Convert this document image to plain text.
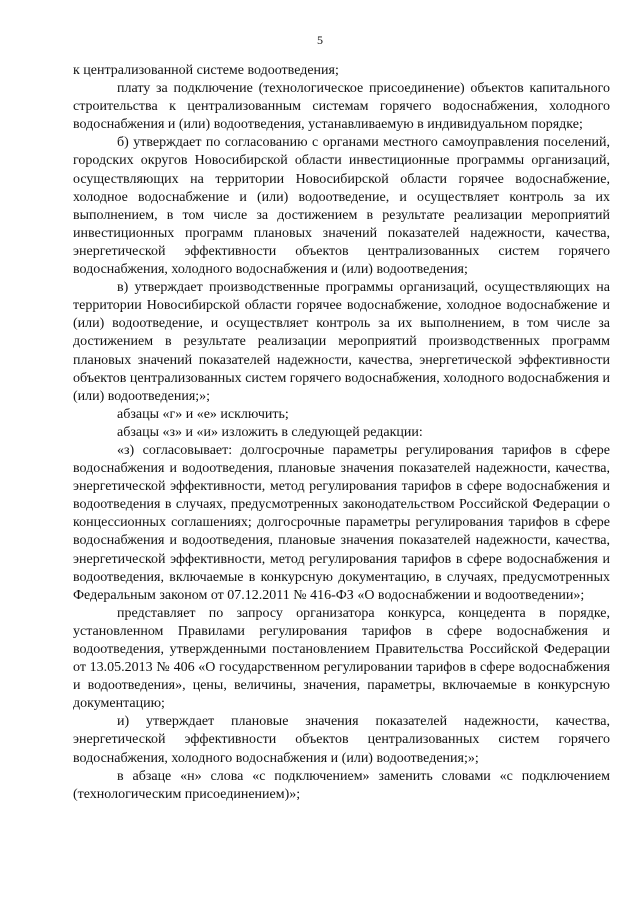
5

к централизованной системе водоотведения;

плату за подключение (технологическое присоединение) объектов капитального строительства к централизованным системам горячего водоснабжения, холодного водоснабжения и (или) водоотведения, устанавливаемую в индивидуальном порядке;

б) утверждает по согласованию с органами местного самоуправления поселений, городских округов Новосибирской области инвестиционные программы организаций, осуществляющих на территории Новосибирской области горячее водоснабжение, холодное водоснабжение и (или) водоотведение, и осуществляет контроль за их выполнением, в том числе за достижением в результате реализации мероприятий инвестиционных программ плановых значений показателей надежности, качества, энергетической эффективности объектов централизованных систем горячего водоснабжения, холодного водоснабжения и (или) водоотведения;

в) утверждает производственные программы организаций, осуществляющих на территории Новосибирской области горячее водоснабжение, холодное водоснабжение и (или) водоотведение, и осуществляет контроль за их выполнением, в том числе за достижением в результате реализации мероприятий производственных программ плановых значений показателей надежности, качества, энергетической эффективности объектов централизованных систем горячего водоснабжения, холодного водоснабжения и (или) водоотведения;»;

абзацы «г» и «е» исключить;

абзацы «з» и «и» изложить в следующей редакции:

«з) согласовывает: долгосрочные параметры регулирования тарифов в сфере водоснабжения и водоотведения, плановые значения показателей надежности, качества, энергетической эффективности, метод регулирования тарифов в сфере водоснабжения и водоотведения в случаях, предусмотренных законодательством Российской Федерации о концессионных соглашениях; долгосрочные параметры регулирования тарифов в сфере водоснабжения и водоотведения, плановые значения показателей надежности, качества, энергетической эффективности, метод регулирования тарифов в сфере водоснабжения и водоотведения, включаемые в конкурсную документацию, в случаях, предусмотренных Федеральным законом от 07.12.2011 № 416-ФЗ «О водоснабжении и водоотведении»;

представляет по запросу организатора конкурса, концедента в порядке, установленном Правилами регулирования тарифов в сфере водоснабжения и водоотведения, утвержденными постановлением Правительства Российской Федерации от 13.05.2013 № 406 «О государственном регулировании тарифов в сфере водоснабжения и водоотведения», цены, величины, значения, параметры, включаемые в конкурсную документацию;

и) утверждает плановые значения показателей надежности, качества, энергетической эффективности объектов централизованных систем горячего водоснабжения, холодного водоснабжения и (или) водоотведения;»;

в абзаце «н» слова «с подключением» заменить словами «с подключением (технологическим присоединением)»;
